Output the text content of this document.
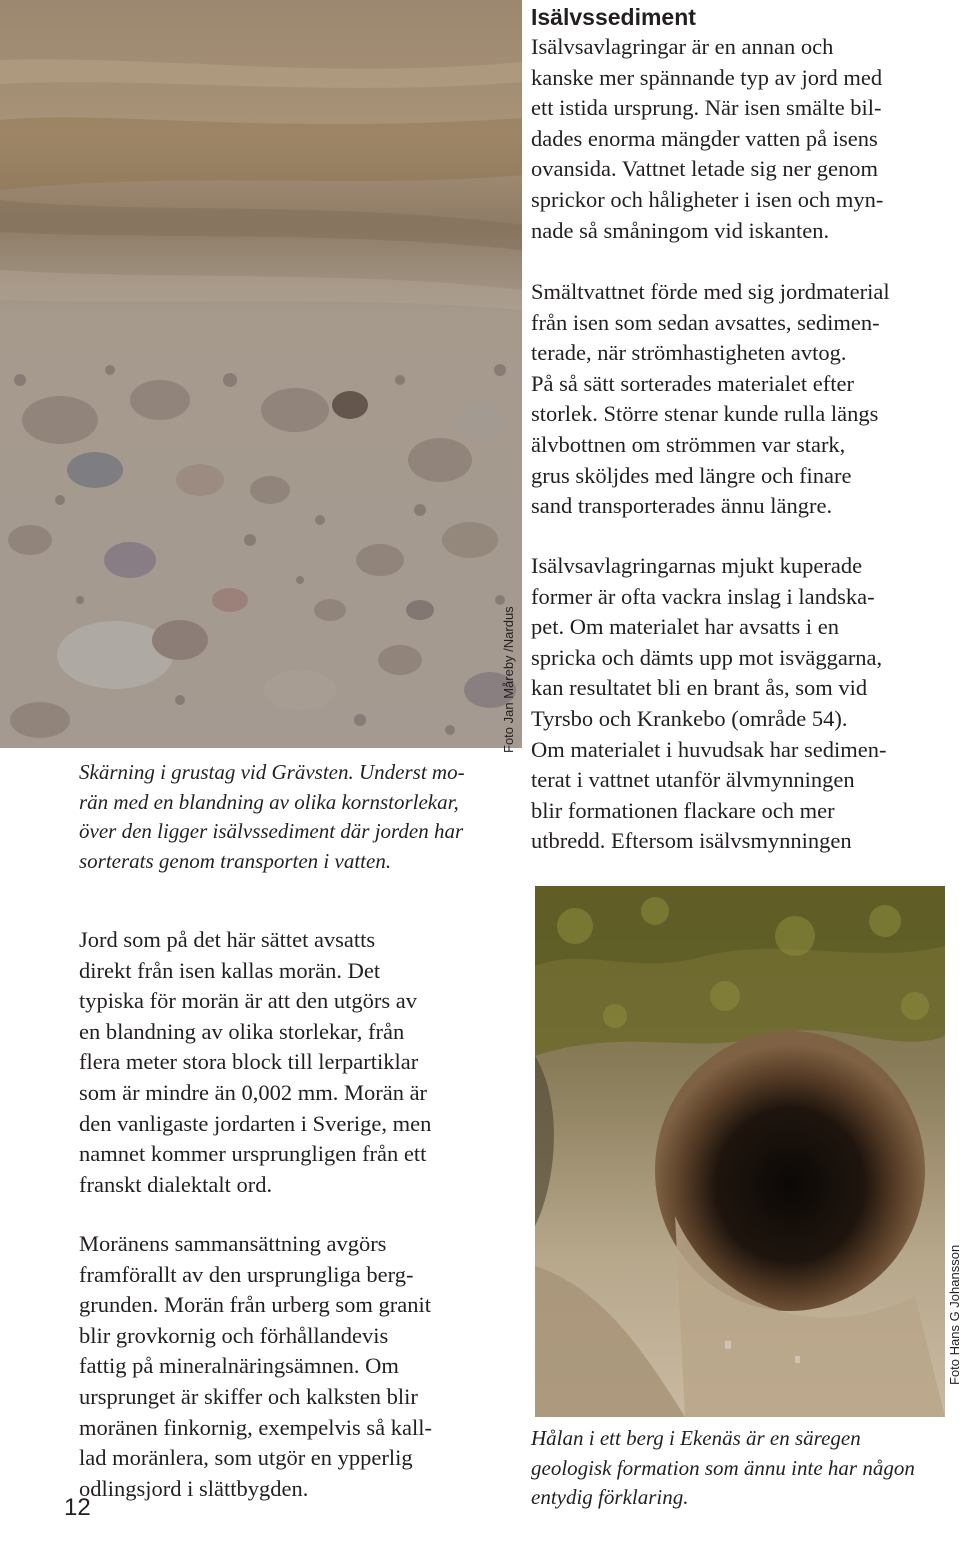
Foto Jan Måreby /Nardus
Skärning i grustag vid Grävsten. Underst mo-
rän med en blandning av olika kornstorlekar,
över den ligger isälvssediment där jorden har
sorterats genom transporten i vatten.
Isälvssediment
Isälvsavlagringar är en annan och
kanske mer spännande typ av jord med
ett istida ursprung. När isen smälte bil-
dades enorma mängder vatten på isens
ovansida. Vattnet letade sig ner genom
sprickor och håligheter i isen och myn-
nade så småningom vid iskanten.
Smältvattnet förde med sig jordmaterial
från isen som sedan avsattes, sedimen-
terade, när strömhastigheten avtog.
På så sätt sorterades materialet efter
storlek. Större stenar kunde rulla längs
älvbottnen om strömmen var stark,
grus sköljdes med längre och finare
sand transporterades ännu längre.
Isälvsavlagringarnas mjukt kuperade
former är ofta vackra inslag i landska-
pet. Om materialet har avsatts i en
spricka och dämts upp mot isväggarna,
kan resultatet bli en brant ås, som vid
Tyrsbo och Krankebo (område 54).
Om materialet i huvudsak har sedimen-
terat i vattnet utanför älvmynningen
blir formationen flackare och mer
utbredd. Eftersom isälvsmynningen
Jord som på det här sättet avsatts
direkt från isen kallas morän. Det
typiska för morän är att den utgörs av
en blandning av olika storlekar, från
flera meter stora block till lerpartiklar
som är mindre än 0,002 mm. Morän är
den vanligaste jordarten i Sverige, men
namnet kommer ursprungligen från ett
franskt dialektalt ord.
Moränens sammansättning avgörs
framförallt av den ursprungliga berg-
grunden. Morän från urberg som granit
blir grovkornig och förhållandevis
fattig på mineralnäringsämnen. Om
ursprunget är skiffer och kalksten blir
moränen finkornig, exempelvis så kall-
lad moränlera, som utgör en ypperlig
odlingsjord i slättbygden.
Foto Hans G Johansson
Hålan i ett berg i Ekenäs är en säregen
geologisk formation som ännu inte har någon
entydig förklaring.
12
